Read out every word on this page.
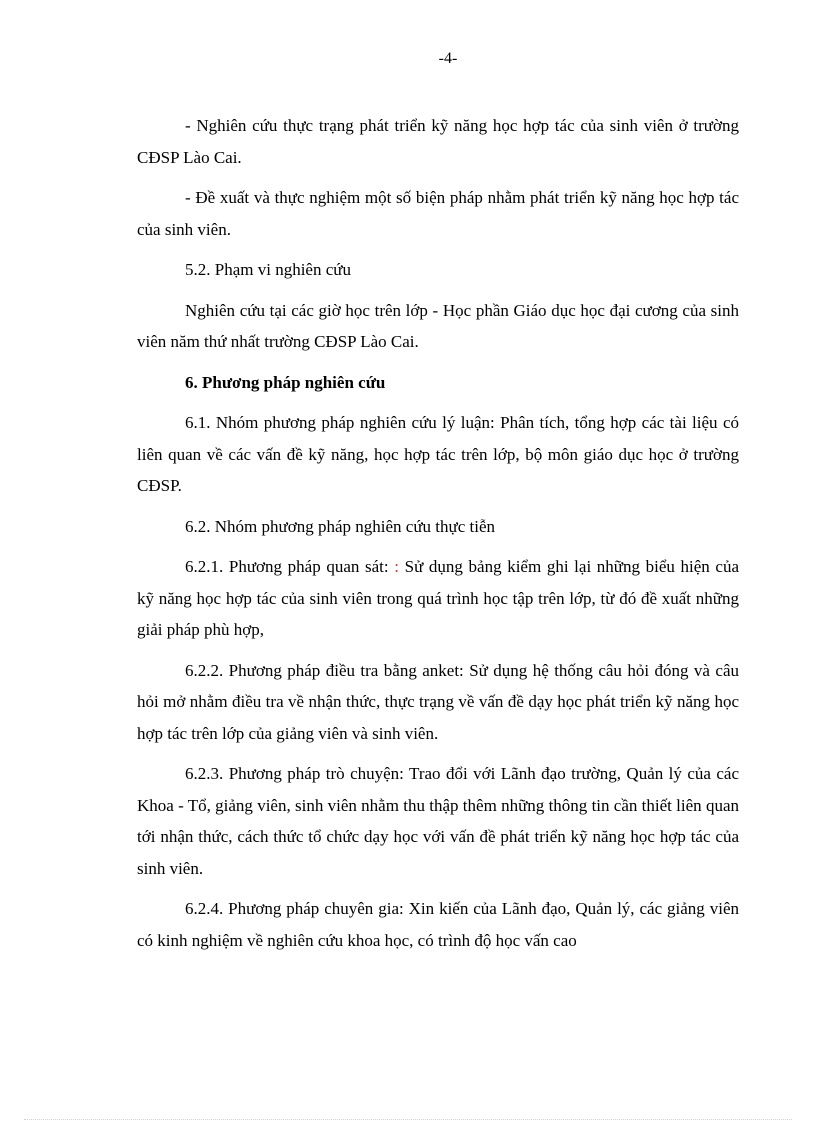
-4-

- Nghiên cứu thực trạng phát triển kỹ năng học hợp tác của sinh viên ở trường CĐSP Lào Cai.

- Đề xuất và thực nghiệm một số biện pháp nhằm phát triển kỹ năng học hợp tác của sinh viên.

5.2. Phạm vi nghiên cứu

Nghiên cứu tại các giờ học trên lớp - Học phần Giáo dục học đại cương của sinh viên năm thứ nhất trường CĐSP Lào Cai.

6. Phương pháp nghiên cứu

6.1. Nhóm phương pháp nghiên cứu lý luận: Phân tích, tổng hợp các tài liệu có liên quan về các vấn đề kỹ năng, học hợp tác trên lớp, bộ môn giáo dục học ở trường CĐSP.

6.2. Nhóm phương pháp nghiên cứu thực tiễn

6.2.1. Phương pháp quan sát: : Sử dụng bảng kiểm ghi lại những biểu hiện của kỹ năng học hợp tác của sinh viên trong quá trình học tập trên lớp, từ đó đề xuất những giải pháp phù hợp,

6.2.2. Phương pháp điều tra bằng anket: Sử dụng hệ thống câu hỏi đóng và câu hỏi mở nhằm điều tra về nhận thức, thực trạng về vấn đề dạy học phát triển kỹ năng học hợp tác trên lớp của giảng viên và sinh viên.

6.2.3. Phương pháp trò chuyện: Trao đổi với Lãnh đạo trường, Quản lý của các Khoa - Tổ, giảng viên, sinh viên nhằm thu thập thêm những thông tin cần thiết liên quan tới nhận thức, cách thức tổ chức dạy học với vấn đề phát triển kỹ năng học hợp tác của sinh viên.

6.2.4. Phương pháp chuyên gia: Xin kiến của Lãnh đạo, Quản lý, các giảng viên có kinh nghiệm về nghiên cứu khoa học, có trình độ học vấn cao
